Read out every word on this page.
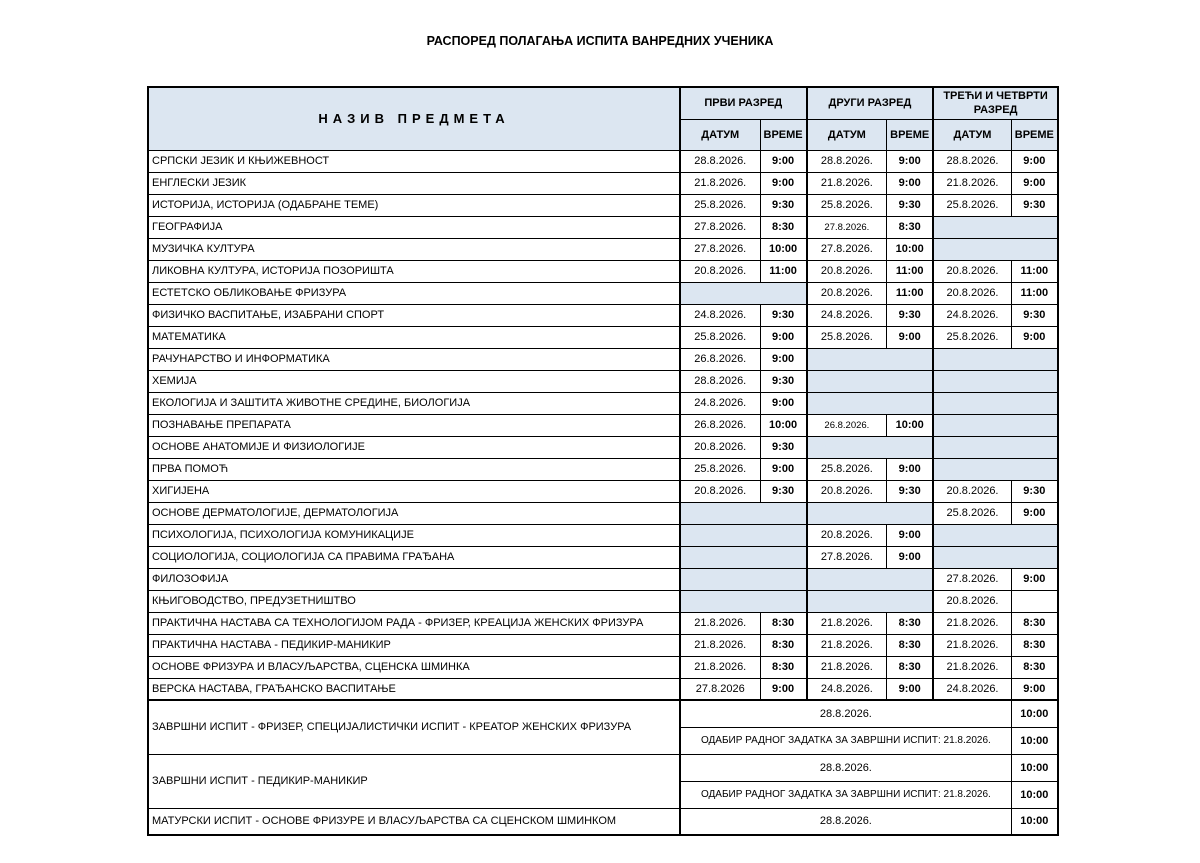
РАСПОРЕД ПОЛАГАЊА ИСПИТА ВАНРЕДНИХ УЧЕНИКА
НАЗИВ ПРЕДМЕТА	ПРВИ РАЗРЕД		ДРУГИ РАЗРЕД		ТРЕЋИ И ЧЕТВРТИ РАЗРЕД	
	ДАТУМ	ВРЕМЕ	ДАТУМ	ВРЕМЕ	ДАТУМ	ВРЕМЕ
СРПСКИ ЈЕЗИК И КЊИЖЕВНОСТ	28.8.2026.	9:00	28.8.2026.	9:00	28.8.2026.	9:00
ЕНГЛЕСКИ ЈЕЗИК	21.8.2026.	9:00	21.8.2026.	9:00	21.8.2026.	9:00
ИСТОРИЈА, ИСТОРИЈА (ОДАБРАНЕ ТЕМЕ)	25.8.2026.	9:30	25.8.2026.	9:30	25.8.2026.	9:30
ГЕОГРАФИЈА	27.8.2026.	8:30	27.8.2026.	8:30		
МУЗИЧКА КУЛТУРА	27.8.2026.	10:00	27.8.2026.	10:00		
ЛИКОВНА КУЛТУРА, ИСТОРИЈА ПОЗОРИШТА	20.8.2026.	11:00	20.8.2026.	11:00	20.8.2026.	11:00
ЕСТЕТСКО ОБЛИКОВАЊЕ ФРИЗУРА			20.8.2026.	11:00	20.8.2026.	11:00
ФИЗИЧКО ВАСПИТАЊЕ, ИЗАБРАНИ СПОРТ	24.8.2026.	9:30	24.8.2026.	9:30	24.8.2026.	9:30
МАТЕМАТИКА	25.8.2026.	9:00	25.8.2026.	9:00	25.8.2026.	9:00
РАЧУНАРСТВО И ИНФОРМАТИКА	26.8.2026.	9:00				
ХЕМИЈА	28.8.2026.	9:30				
ЕКОЛОГИЈА И ЗАШТИТА ЖИВОТНЕ СРЕДИНЕ, БИОЛОГИЈА	24.8.2026.	9:00				
ПОЗНАВАЊЕ ПРЕПАРАТА	26.8.2026.	10:00	26.8.2026.	10:00		
ОСНОВЕ АНАТОМИЈЕ И ФИЗИОЛОГИЈЕ	20.8.2026.	9:30				
ПРВА ПОМОЋ	25.8.2026.	9:00	25.8.2026.	9:00		
ХИГИЈЕНА	20.8.2026.	9:30	20.8.2026.	9:30	20.8.2026.	9:30
ОСНОВЕ ДЕРМАТОЛОГИЈЕ, ДЕРМАТОЛОГИЈА					25.8.2026.	9:00
ПСИХОЛОГИЈА, ПСИХОЛОГИЈА КОМУНИКАЦИЈЕ			20.8.2026.	9:00		
СОЦИОЛОГИЈА, СОЦИОЛОГИЈА СА ПРАВИМА ГРАЂАНА			27.8.2026.	9:00		
ФИЛОЗОФИЈА					27.8.2026.	9:00
КЊИГОВОДСТВО, ПРЕДУЗЕТНИШТВО					20.8.2026.	
ПРАКТИЧНА НАСТАВА СА ТЕХНОЛОГИЈОМ РАДА - ФРИЗЕР, КРЕАЦИЈА ЖЕНСКИХ ФРИЗУРА	21.8.2026.	8:30	21.8.2026.	8:30	21.8.2026.	8:30
ПРАКТИЧНА НАСТАВА - ПЕДИКИР-МАНИКИР	21.8.2026.	8:30	21.8.2026.	8:30	21.8.2026.	8:30
ОСНОВЕ ФРИЗУРА И ВЛАСУЉАРСТВА, СЦЕНСКА ШМИНКА	21.8.2026.	8:30	21.8.2026.	8:30	21.8.2026.	8:30
ВЕРСКА НАСТАВА, ГРАЂАНСКО ВАСПИТАЊЕ	27.8.2026	9:00	24.8.2026.	9:00	24.8.2026.	9:00
ЗАВРШНИ ИСПИТ - ФРИЗЕР, СПЕЦИЈАЛИСТИЧКИ ИСПИТ - КРЕАТОР ЖЕНСКИХ ФРИЗУРА	28.8.2026.					10:00
	ОДАБИР РАДНОГ ЗАДАТКА ЗА ЗАВРШНИ ИСПИТ: 21.8.2026.					10:00
ЗАВРШНИ ИСПИТ - ПЕДИКИР-МАНИКИР	28.8.2026.					10:00
	ОДАБИР РАДНОГ ЗАДАТКА ЗА ЗАВРШНИ ИСПИТ: 21.8.2026.					10:00
МАТУРСКИ ИСПИТ - ОСНОВЕ ФРИЗУРЕ И ВЛАСУЉАРСТВА СА СЦЕНСКОМ ШМИНКОМ	28.8.2026.					10:00
